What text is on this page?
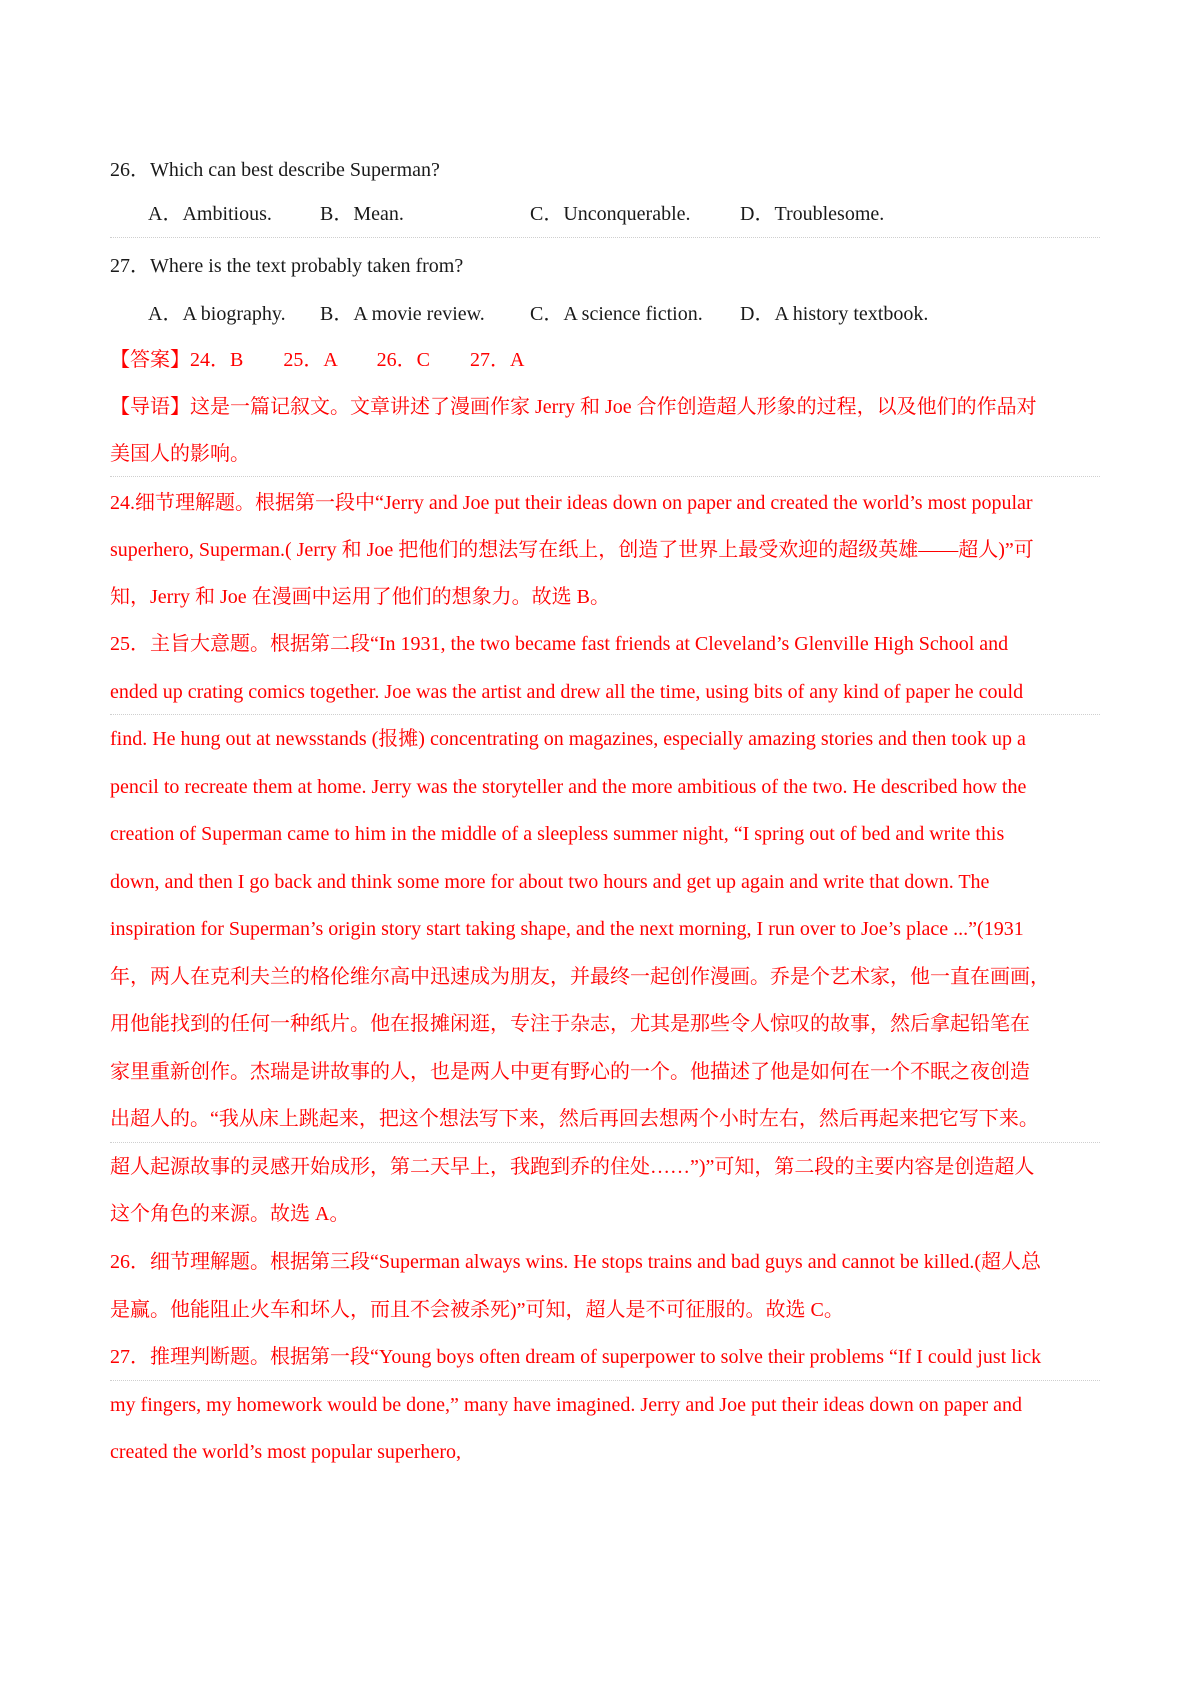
26．Which can best describe Superman?
A．Ambitious. B．Mean.	C．Unconquerable. D．Troublesome.
27．Where is the text probably taken from?
A．A biography. B．A movie review. C．A science fiction. D．A history textbook.
【答案】24．B　　25．A　　26．C　　27．A
【导语】这是一篇记叙文。文章讲述了漫画作家 Jerry 和 Joe 合作创造超人形象的过程，以及他们的作品对
美国人的影响。
24.细节理解题。根据第一段中“Jerry and Joe put their ideas down on paper and created the world’s most popular
superhero, Superman.( Jerry 和 Joe 把他们的想法写在纸上，创造了世界上最受欢迎的超级英雄——超人)”可
知，Jerry 和 Joe 在漫画中运用了他们的想象力。故选 B。
25．主旨大意题。根据第二段“In 1931, the two became fast friends at Cleveland’s Glenville High School and
ended up crating comics together. Joe was the artist and drew all the time, using bits of any kind of paper he could
find. He hung out at newsstands (报摊) concentrating on magazines, especially amazing stories and then took up a
pencil to recreate them at home. Jerry was the storyteller and the more ambitious of the two. He described how the
creation of Superman came to him in the middle of a sleepless summer night, “I spring out of bed and write this
down, and then I go back and think some more for about two hours and get up again and write that down. The
inspiration for Superman’s origin story start taking shape, and the next morning, I run over to Joe’s place ...”(1931
年，两人在克利夫兰的格伦维尔高中迅速成为朋友，并最终一起创作漫画。乔是个艺术家，他一直在画画，
用他能找到的任何一种纸片。他在报摊闲逛，专注于杂志，尤其是那些令人惊叹的故事，然后拿起铅笔在
家里重新创作。杰瑞是讲故事的人，也是两人中更有野心的一个。他描述了他是如何在一个不眠之夜创造
出超人的。“我从床上跳起来，把这个想法写下来，然后再回去想两个小时左右，然后再起来把它写下来。
超人起源故事的灵感开始成形，第二天早上，我跑到乔的住处……”)”可知，第二段的主要内容是创造超人
这个角色的来源。故选 A。
26．细节理解题。根据第三段“Superman always wins. He stops trains and bad guys and cannot be killed.(超人总
是赢。他能阻止火车和坏人，而且不会被杀死)”可知，超人是不可征服的。故选 C。
27．推理判断题。根据第一段“Young boys often dream of superpower to solve their problems “If I could just lick
my fingers, my homework would be done,” many have imagined. Jerry and Joe put their ideas down on paper and
created the world’s most popular superhero,
